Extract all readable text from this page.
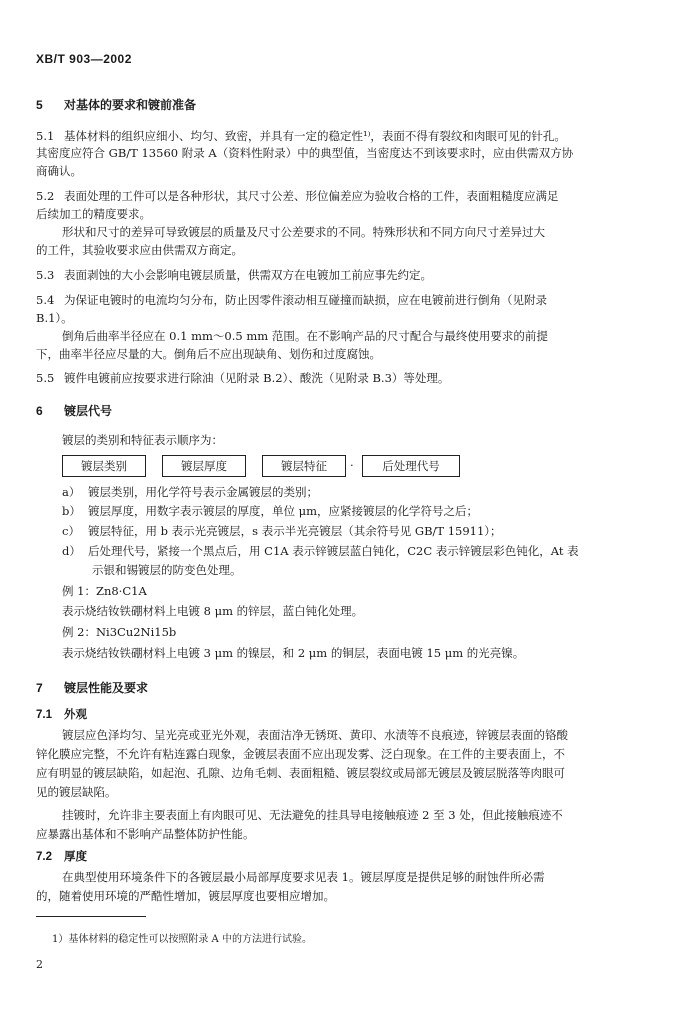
XB/T 903—2002
5 对基体的要求和镀前准备
5.1 基体材料的组织应细小、均匀、致密，并具有一定的稳定性¹⁾，表面不得有裂纹和肉眼可见的针孔。
其密度应符合 GB/T 13560 附录 A（资料性附录）中的典型值，当密度达不到该要求时，应由供需双方协
商确认。
5.2 表面处理的工件可以是各种形状，其尺寸公差、形位偏差应为验收合格的工件，表面粗糙度应满足
后续加工的精度要求。
形状和尺寸的差异可导致镀层的质量及尺寸公差要求的不同。特殊形状和不同方向尺寸差异过大
的工件，其验收要求应由供需双方商定。
5.3 表面剥蚀的大小会影响电镀层质量，供需双方在电镀加工前应事先约定。
5.4 为保证电镀时的电流均匀分布，防止因零件滚动相互碰撞而缺损，应在电镀前进行倒角（见附录
B.1）。
倒角后曲率半径应在 0.1 mm～0.5 mm 范围。在不影响产品的尺寸配合与最终使用要求的前提
下，曲率半径应尽量的大。倒角后不应出现缺角、划伤和过度腐蚀。
5.5 镀件电镀前应按要求进行除油（见附录 B.2）、酸洗（见附录 B.3）等处理。
6 镀层代号
镀层的类别和特征表示顺序为：
镀层类别	镀层厚度	镀层特征	·	后处理代号
a） 镀层类别，用化学符号表示金属镀层的类别；
b） 镀层厚度，用数字表示镀层的厚度，单位 μm，应紧接镀层的化学符号之后；
c） 镀层特征，用 b 表示光亮镀层，s 表示半光亮镀层（其余符号见 GB/T 15911）；
d） 后处理代号，紧接一个黑点后，用 C1A 表示锌镀层蓝白钝化，C2C 表示锌镀层彩色钝化，At 表
示银和锡镀层的防变色处理。
例 1：Zn8·C1A
表示烧结钕铁硼材料上电镀 8 μm 的锌层，蓝白钝化处理。
例 2：Ni3Cu2Ni15b
表示烧结钕铁硼材料上电镀 3 μm 的镍层，和 2 μm 的铜层，表面电镀 15 μm 的光亮镍。
7 镀层性能及要求
7.1 外观
镀层应色泽均匀、呈光亮或亚光外观，表面洁净无锈斑、黄印、水渍等不良痕迹，锌镀层表面的铬酸
锌化膜应完整，不允许有粘连露白现象，金镀层表面不应出现发雾、泛白现象。在工件的主要表面上，不
应有明显的镀层缺陷，如起泡、孔隙、边角毛刺、表面粗糙、镀层裂纹或局部无镀层及镀层脱落等肉眼可
见的镀层缺陷。
挂镀时，允许非主要表面上有肉眼可见、无法避免的挂具导电接触痕迹 2 至 3 处，但此接触痕迹不
应暴露出基体和不影响产品整体防护性能。
7.2 厚度
在典型使用环境条件下的各镀层最小局部厚度要求见表 1。镀层厚度是提供足够的耐蚀件所必需
的，随着使用环境的严酷性增加，镀层厚度也要相应增加。
1）基体材料的稳定性可以按照附录 A 中的方法进行试验。
2
